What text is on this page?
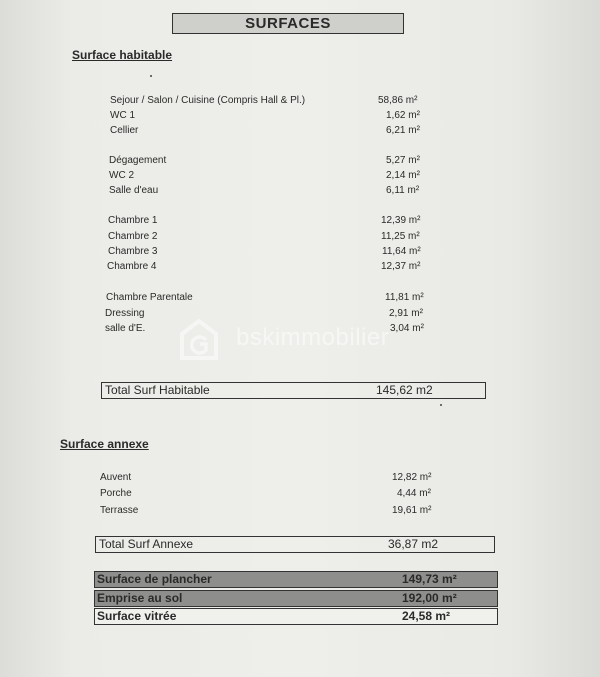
SURFACES
Surface habitable
Sejour / Salon / Cuisine (Compris Hall & Pl.)	58,86 m²
WC 1	1,62 m²
Cellier	6,21 m²
Dégagement	5,27 m²
WC 2	2,14 m²
Salle d'eau	6,11 m²
Chambre 1	12,39 m²
Chambre 2	11,25 m²
Chambre 3	11,64 m²
Chambre 4	12,37 m²
Chambre Parentale	11,81 m²
Dressing	2,91 m²
salle d'E.	3,04 m²
bskimmobilier
Total Surf Habitable	145,62 m2
Surface annexe
Auvent	12,82 m²
Porche	4,44 m²
Terrasse	19,61 m²
Total Surf Annexe	36,87 m2
Surface de plancher	149,73 m²
Emprise au sol	192,00 m²
Surface vitrée	24,58 m²
